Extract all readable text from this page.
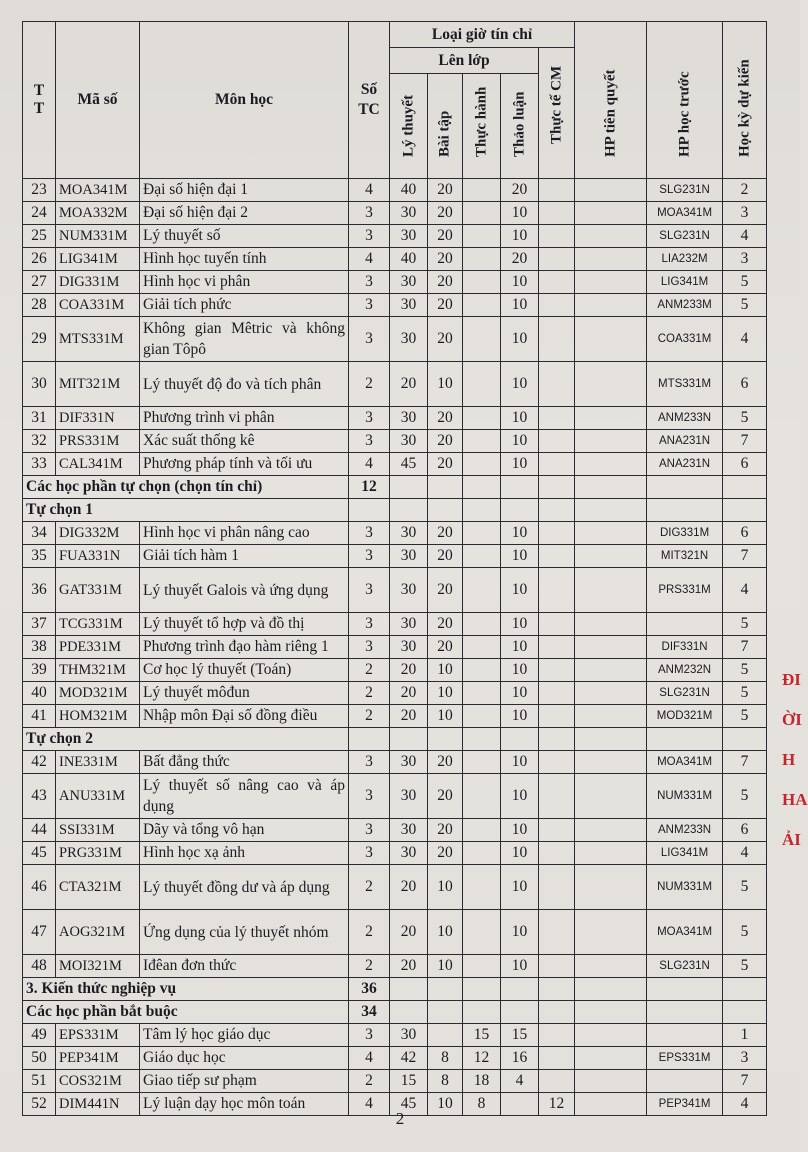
TT	Mã số	Môn học	Số TC	Loại giờ tín chỉ					HP tiên quyết	HP học trước	Học kỳ dự kiến

				Lên lớp				Thực tế CM			

				Lý thuyết	Bài tập	Thực hành	Thảo luận				

23	MOA341M	Đại số hiện đại 1	4	40	20		20			SLG231N	2
24	MOA332M	Đại số hiện đại 2	3	30	20		10			MOA341M	3
25	NUM331M	Lý thuyết số	3	30	20		10			SLG231N	4
26	LIG341M	Hình học tuyến tính	4	40	20		20			LIA232M	3
27	DIG331M	Hình học vi phân	3	30	20		10			LIG341M	5
28	COA331M	Giải tích phức	3	30	20		10			ANM233M	5
29	MTS331M	Không gian Mêtric và không gian Tôpô	3	30	20		10			COA331M	4
30	MIT321M	Lý thuyết độ đo và tích phân	2	20	10		10			MTS331M	6
31	DIF331N	Phương trình vi phân	3	30	20		10			ANM233N	5
32	PRS331M	Xác suất thống kê	3	30	20		10			ANA231N	7
33	CAL341M	Phương pháp tính và tối ưu	4	45	20		10			ANA231N	6
Các học phần tự chọn (chọn tín chỉ)			12								
Tự chọn 1											
34	DIG332M	Hình học vi phân nâng cao	3	30	20		10			DIG331M	6
35	FUA331N	Giải tích hàm 1	3	30	20		10			MIT321N	7
36	GAT331M	Lý thuyết Galois và ứng dụng	3	30	20		10			PRS331M	4
37	TCG331M	Lý thuyết tổ hợp và đồ thị	3	30	20		10				5
38	PDE331M	Phương trình đạo hàm riêng 1	3	30	20		10			DIF331N	7
39	THM321M	Cơ học lý thuyết (Toán)	2	20	10		10			ANM232N	5
40	MOD321M	Lý thuyết môđun	2	20	10		10			SLG231N	5
41	HOM321M	Nhập môn Đại số đồng điều	2	20	10		10			MOD321M	5
Tự chọn 2											
42	INE331M	Bất đẳng thức	3	30	20		10			MOA341M	7
43	ANU331M	Lý thuyết số nâng cao và áp dụng	3	30	20		10			NUM331M	5
44	SSI331M	Dãy và tổng vô hạn	3	30	20		10			ANM233N	6
45	PRG331M	Hình học xạ ảnh	3	30	20		10			LIG341M	4
46	CTA321M	Lý thuyết đồng dư và áp dụng	2	20	10		10			NUM331M	5
47	AOG321M	Ứng dụng của lý thuyết nhóm	2	20	10		10			MOA341M	5
48	MOI321M	Iđêan đơn thức	2	20	10		10			SLG231N	5
3. Kiến thức nghiệp vụ			36								
Các học phần bắt buộc			34								
49	EPS331M	Tâm lý học giáo dục	3	30		15	15				1
50	PEP341M	Giáo dục học	4	42	8	12	16			EPS331M	3
51	COS321M	Giao tiếp sư phạm	2	15	8	18	4				7
52	DIM441N	Lý luận dạy học môn toán	4	45	10	8		12		PEP341M	4
2
ĐI
ỜI
H
HA
ẢI
